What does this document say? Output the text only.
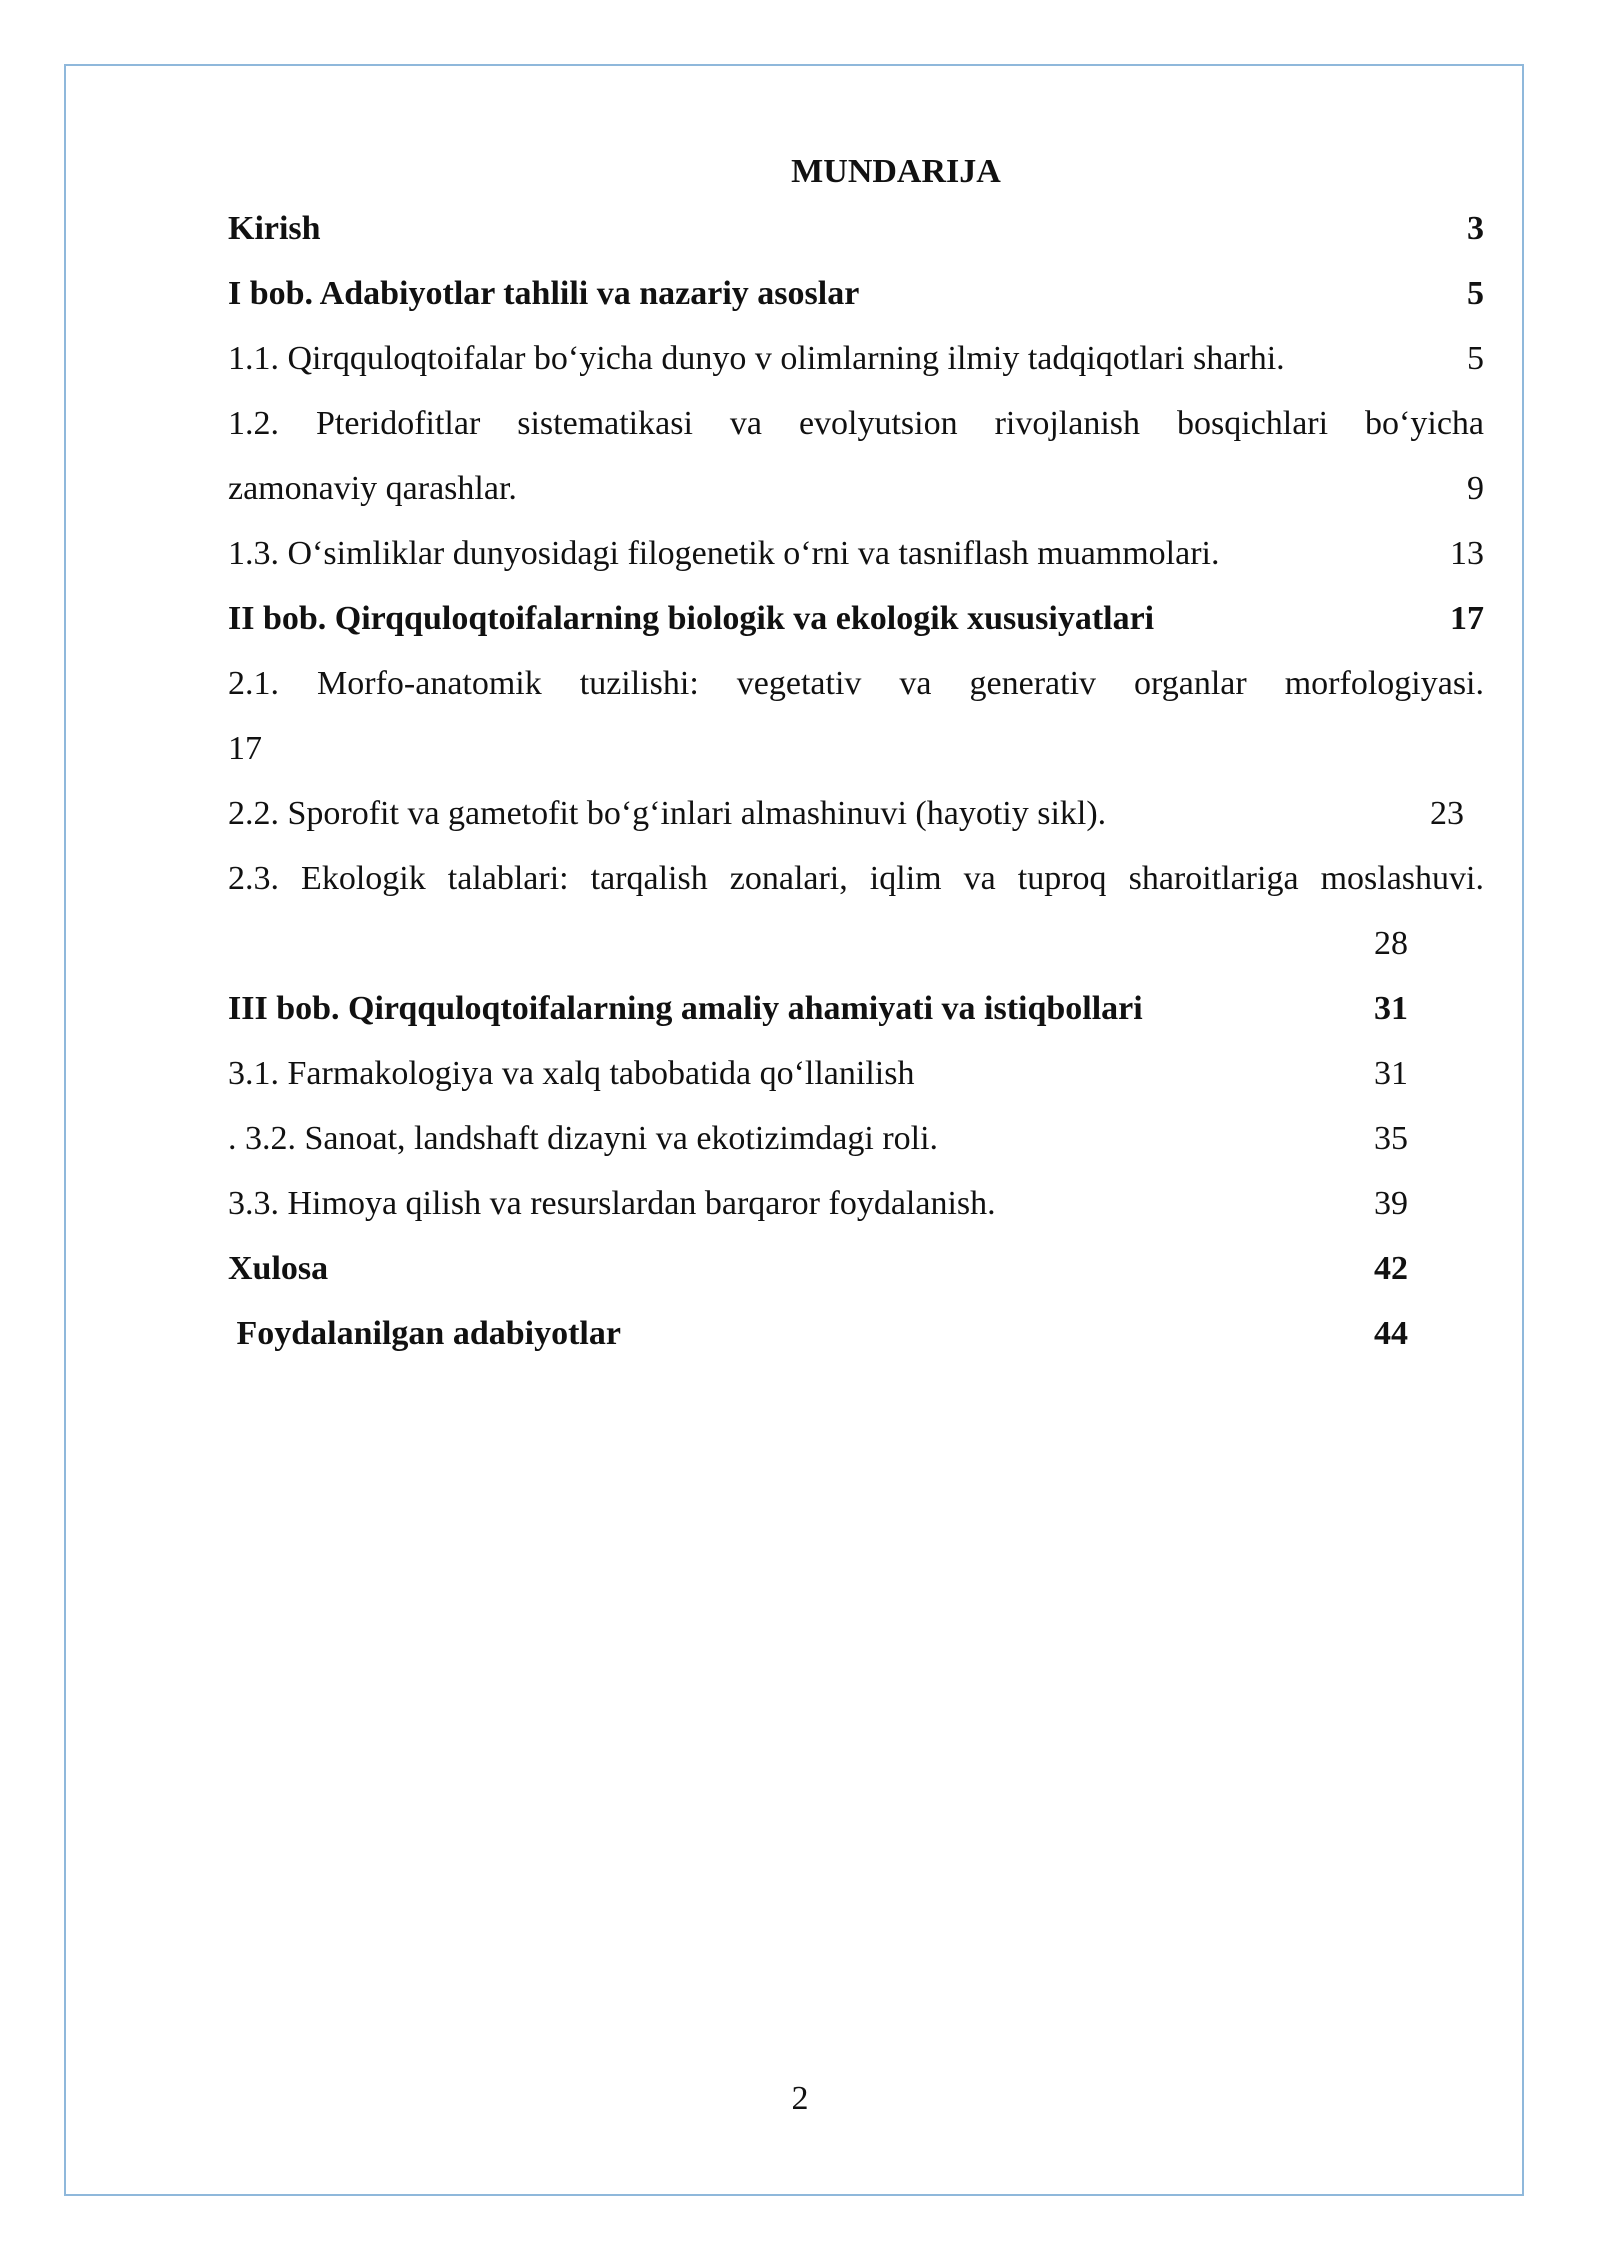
MUNDARIJA
Kirish	3
I bob. Adabiyotlar tahlili va nazariy asoslar	5
1.1. Qirqquloqtoifalar bo‘yicha dunyo v olimlarning ilmiy tadqiqotlari sharhi.	5
1.2. Pteridofitlar sistematikasi va evolyutsion rivojlanish bosqichlari bo‘yicha
zamonaviy qarashlar.	9
1.3. O‘simliklar dunyosidagi filogenetik o‘rni va tasniflash muammolari.	13
II bob. Qirqquloqtoifalarning biologik va ekologik xususiyatlari	17
2.1. Morfo-anatomik tuzilishi: vegetativ va generativ organlar morfologiyasi.
17
2.2. Sporofit va gametofit bo‘g‘inlari almashinuvi (hayotiy sikl).	23
2.3. Ekologik talablari: tarqalish zonalari, iqlim va tuproq sharoitlariga moslashuvi.
28
III bob. Qirqquloqtoifalarning amaliy ahamiyati va istiqbollari	31
3.1. Farmakologiya va xalq tabobatida qo‘llanilish	31
. 3.2. Sanoat, landshaft dizayni va ekotizimdagi roli.	35
3.3. Himoya qilish va resurslardan barqaror foydalanish.	39
Xulosa	42
Foydalanilgan adabiyotlar	44
2
